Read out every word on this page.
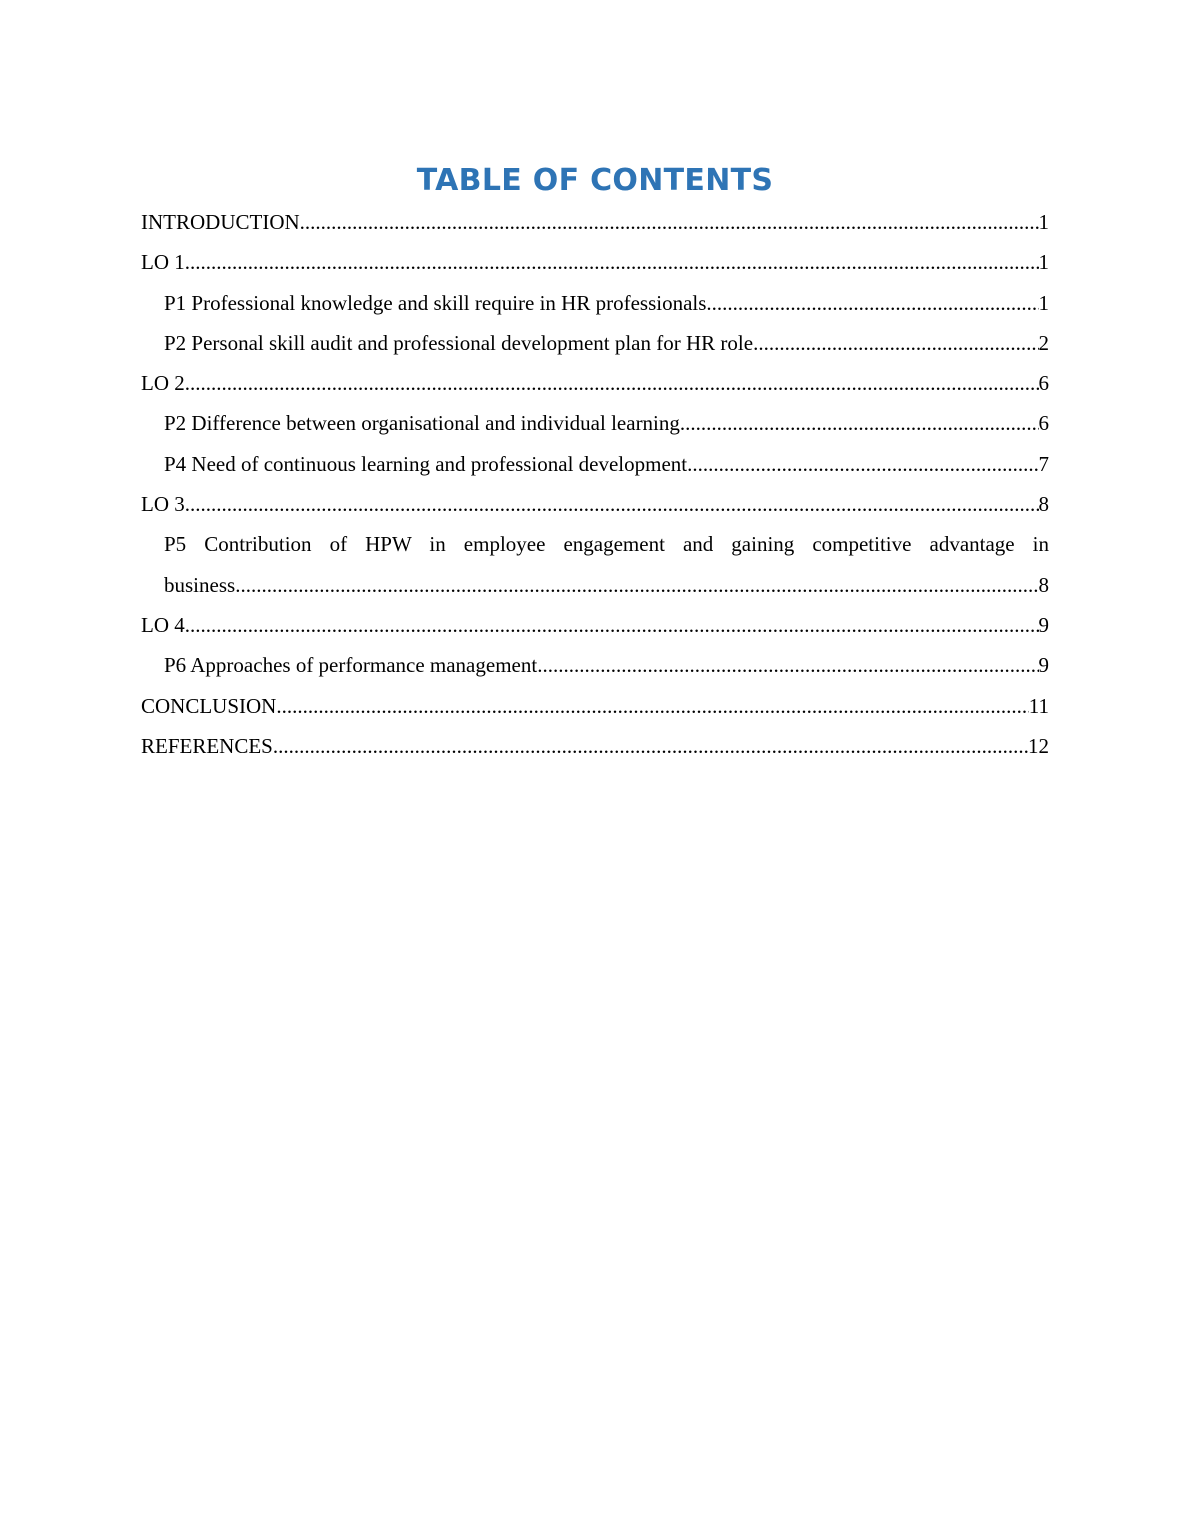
TABLE OF CONTENTS
INTRODUCTION .....	1
LO 1 .....	1
P1 Professional knowledge and skill require in HR professionals .....	1
P2 Personal skill audit and professional development plan for HR role .....	2
LO 2 .....	6
P2 Difference between organisational and individual learning .....	6
P4 Need of continuous learning and professional development .....	7
LO 3 .....	8
P5 Contribution of HPW in employee engagement and gaining competitive advantage in
business .....	8
LO 4 .....	9
P6 Approaches of performance management .....	9
CONCLUSION .....	11
REFERENCES .....	12
